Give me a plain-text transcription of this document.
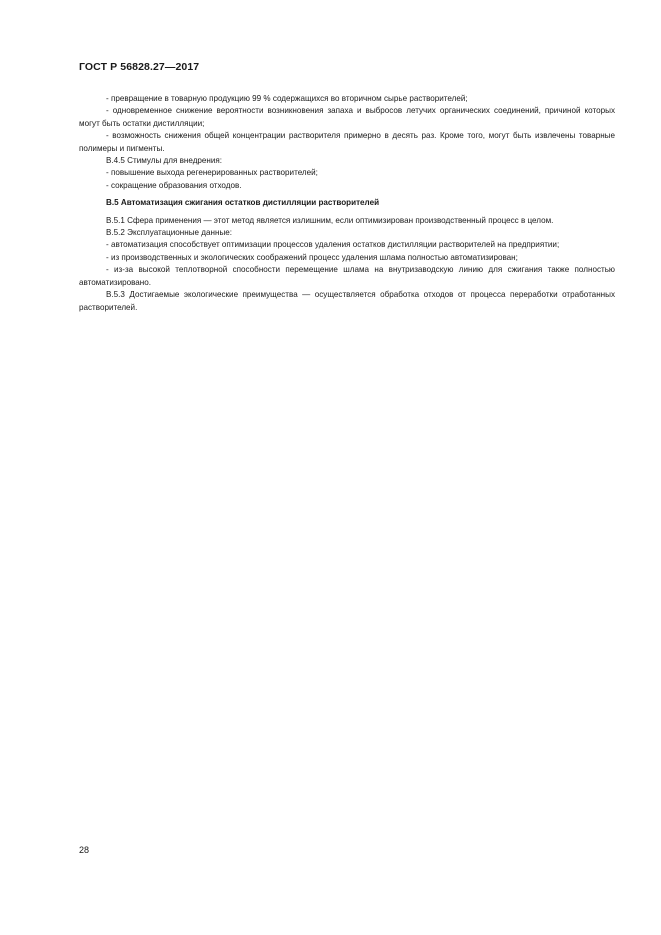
ГОСТ Р 56828.27—2017

- превращение в товарную продукцию 99 % содержащихся во вторичном сырье растворителей;

- одновременное снижение вероятности возникновения запаха и выбросов летучих органических соединений, причиной которых могут быть остатки дистилляции;

- возможность снижения общей концентрации растворителя примерно в десять раз. Кроме того, могут быть извлечены товарные полимеры и пигменты.

В.4.5 Стимулы для внедрения:

- повышение выхода регенерированных растворителей;

- сокращение образования отходов.

В.5 Автоматизация сжигания остатков дистилляции растворителей

В.5.1 Сфера применения — этот метод является излишним, если оптимизирован производственный процесс в целом.

В.5.2 Эксплуатационные данные:

- автоматизация способствует оптимизации процессов удаления остатков дистилляции растворителей на предприятии;

- из производственных и экологических соображений процесс удаления шлама полностью автоматизирован;

- из-за высокой теплотворной способности перемещение шлама на внутризаводскую линию для сжигания также полностью автоматизировано.

В.5.3 Достигаемые экологические преимущества — осуществляется обработка отходов от процесса переработки отработанных растворителей.

28
